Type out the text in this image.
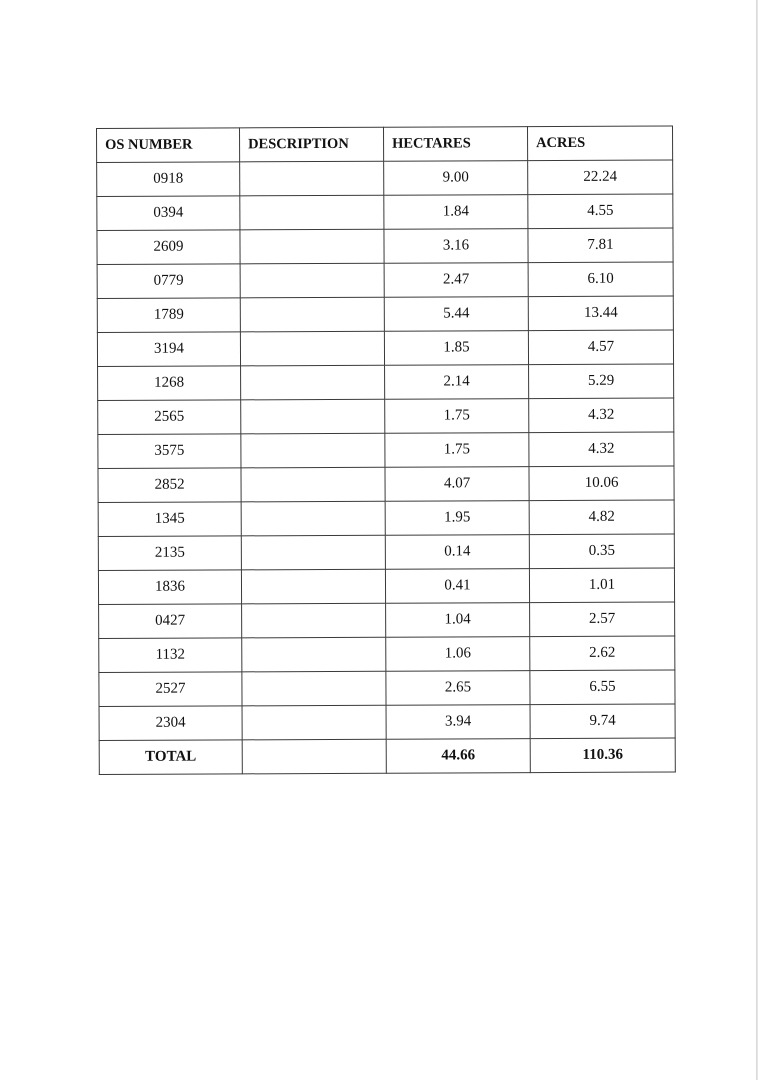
OS NUMBER	DESCRIPTION	HECTARES	ACRES
0918		9.00	22.24
0394		1.84	4.55
2609		3.16	7.81
0779		2.47	6.10
1789		5.44	13.44
3194		1.85	4.57
1268		2.14	5.29
2565		1.75	4.32
3575		1.75	4.32
2852		4.07	10.06
1345		1.95	4.82
2135		0.14	0.35
1836		0.41	1.01
0427		1.04	2.57
1132		1.06	2.62
2527		2.65	6.55
2304		3.94	9.74
TOTAL		44.66	110.36
